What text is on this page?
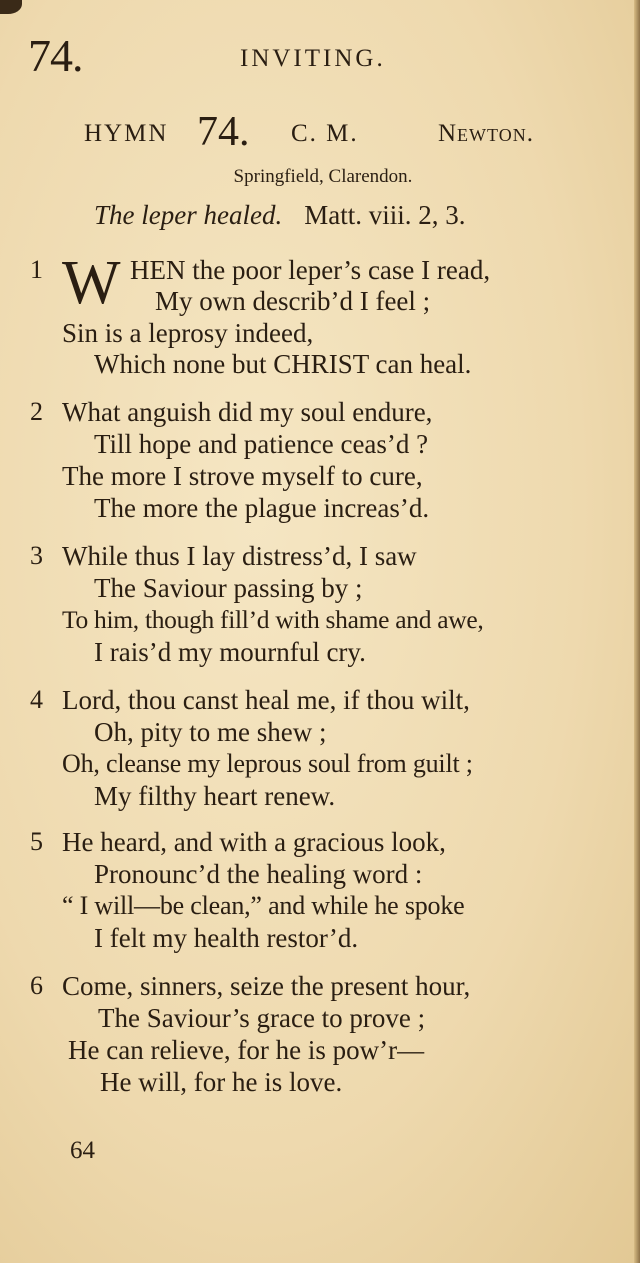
74.	INVITING.
HYMN 74. C. M.	Newton.
Springfield, Clarendon.
The leper healed. Matt. viii. 2, 3.
1 W HEN the poor leper’s case I read,
My own describ’d I feel ;
Sin is a leprosy indeed,
Which none but CHRIST can heal.
2 What anguish did my soul endure,
Till hope and patience ceas’d ?
The more I strove myself to cure,
The more the plague increas’d.
3 While thus I lay distress’d, I saw
The Saviour passing by ;
To him, though fill’d with shame and awe,
I rais’d my mournful cry.
4 Lord, thou canst heal me, if thou wilt,
Oh, pity to me shew ;
Oh, cleanse my leprous soul from guilt ;
My filthy heart renew.
5 He heard, and with a gracious look,
Pronounc’d the healing word :
“ I will—be clean,” and while he spoke
I felt my health restor’d.
6 Come, sinners, seize the present hour,
The Saviour’s grace to prove ;
He can relieve, for he is pow’r—
He will, for he is love.
64
